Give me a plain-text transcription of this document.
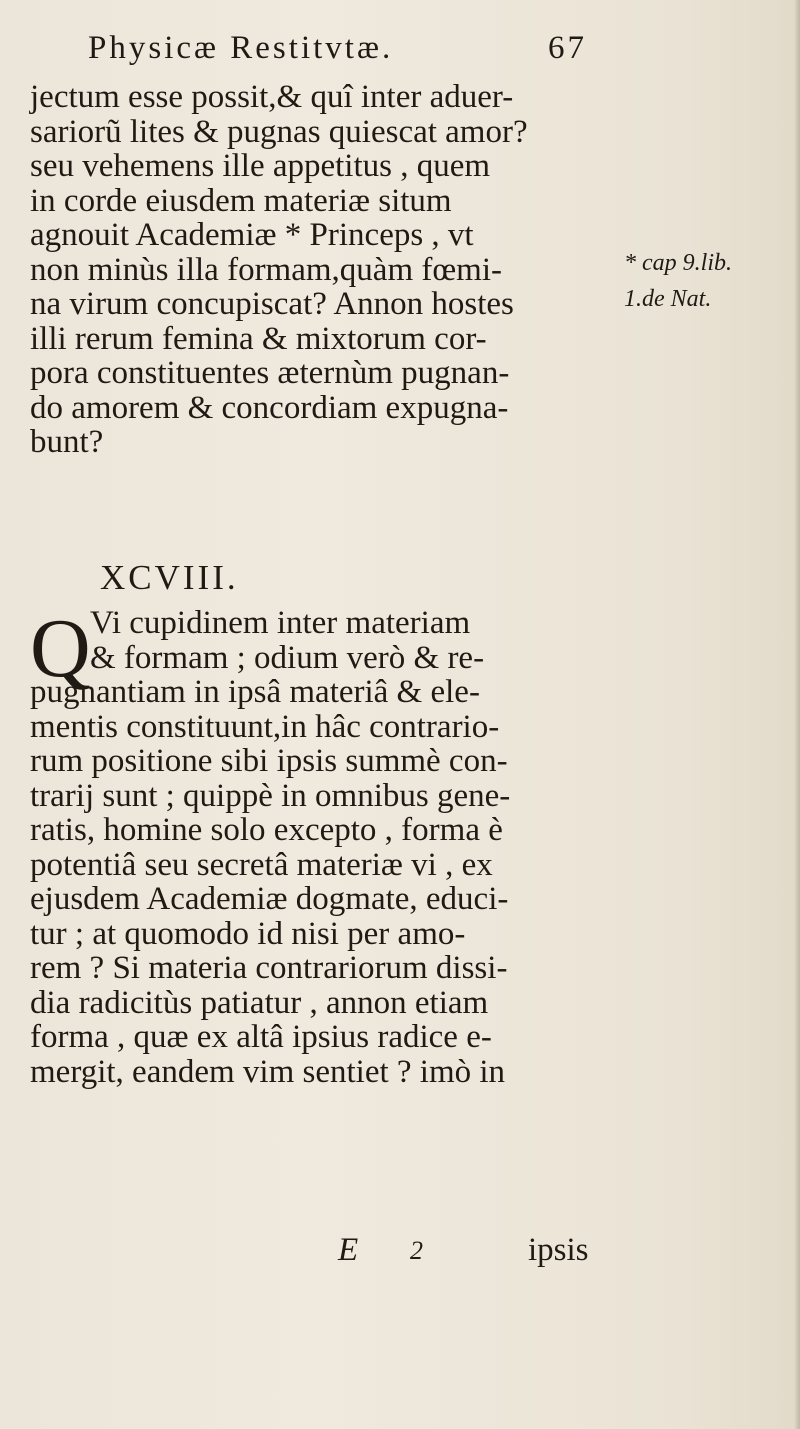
Physicæ Restitvtæ.	67
jectum esse possit,& quî inter aduer-
sariorũ lites & pugnas quiescat amor?
seu vehemens ille appetitus , quem
in corde eiusdem materiæ situm
agnouit Academiæ * Princeps , vt
non minùs illa formam,quàm fœmi-
na virum concupiscat? Annon hostes
illi rerum femina & mixtorum cor-
pora constituentes æternùm pugnan-
do amorem & concordiam expugna-
bunt?
* cap 9.lib.
1.de Nat.
XCVIII.
Q Vi cupidinem inter materiam
& formam ; odium verò & re-
pugnantiam in ipsâ materiâ & ele-
mentis constituunt,in hâc contrario-
rum positione sibi ipsis summè con-
trarij sunt ; quippè in omnibus gene-
ratis, homine solo excepto , forma è
potentiâ seu secretâ materiæ vi , ex
ejusdem Academiæ dogmate, educi-
tur ; at quomodo id nisi per amo-
rem ? Si materia contrariorum dissi-
dia radicitùs patiatur , annon etiam
forma , quæ ex altâ ipsius radice e-
mergit, eandem vim sentiet ? imò in
E 2	ipsis
